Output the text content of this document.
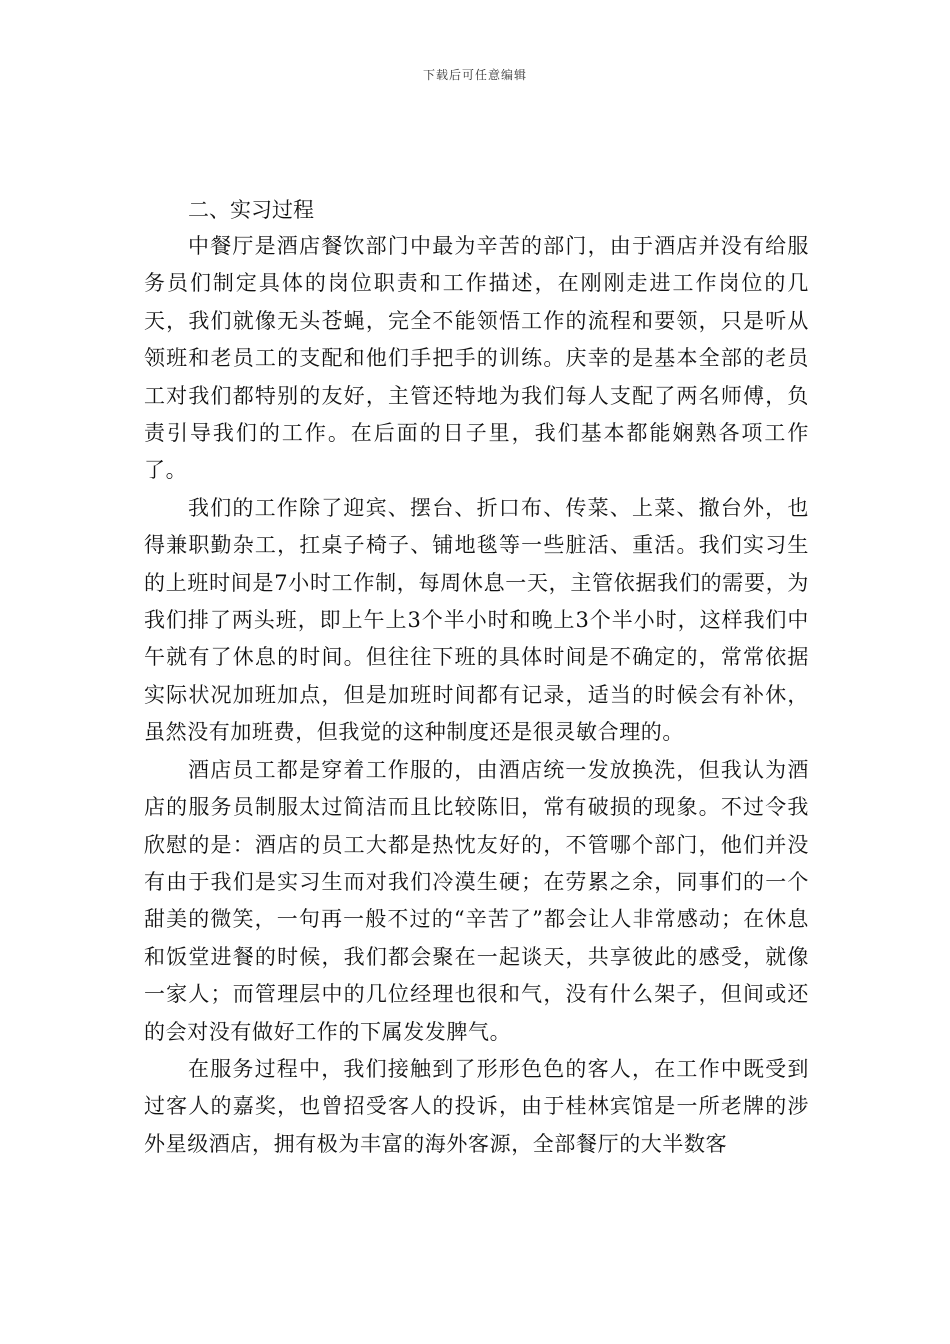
下载后可任意编辑
二、实习过程

中餐厅是酒店餐饮部门中最为辛苦的部门，由于酒店并没有给服务员们制定具体的岗位职责和工作描述，在刚刚走进工作岗位的几天，我们就像无头苍蝇，完全不能领悟工作的流程和要领，只是听从领班和老员工的支配和他们手把手的训练。庆幸的是基本全部的老员工对我们都特别的友好，主管还特地为我们每人支配了两名师傅，负责引导我们的工作。在后面的日子里，我们基本都能娴熟各项工作了。

我们的工作除了迎宾、摆台、折口布、传菜、上菜、撤台外，也得兼职勤杂工，扛桌子椅子、铺地毯等一些脏活、重活。我们实习生的上班时间是7小时工作制，每周休息一天，主管依据我们的需要，为我们排了两头班，即上午上3个半小时和晚上3个半小时，这样我们中午就有了休息的时间。但往往下班的具体时间是不确定的，常常依据实际状况加班加点，但是加班时间都有记录，适当的时候会有补休，虽然没有加班费，但我觉的这种制度还是很灵敏合理的。

酒店员工都是穿着工作服的，由酒店统一发放换洗，但我认为酒店的服务员制服太过简洁而且比较陈旧，常有破损的现象。不过令我欣慰的是：酒店的员工大都是热忱友好的，不管哪个部门，他们并没有由于我们是实习生而对我们冷漠生硬；在劳累之余，同事们的一个甜美的微笑，一句再一般不过的“辛苦了”都会让人非常感动；在休息和饭堂进餐的时候，我们都会聚在一起谈天，共享彼此的感受，就像一家人；而管理层中的几位经理也很和气，没有什么架子，但间或还的会对没有做好工作的下属发发脾气。

在服务过程中，我们接触到了形形色色的客人，在工作中既受到过客人的嘉奖，也曾招受客人的投诉，由于桂林宾馆是一所老牌的涉外星级酒店，拥有极为丰富的海外客源，全部餐厅的大半数客
